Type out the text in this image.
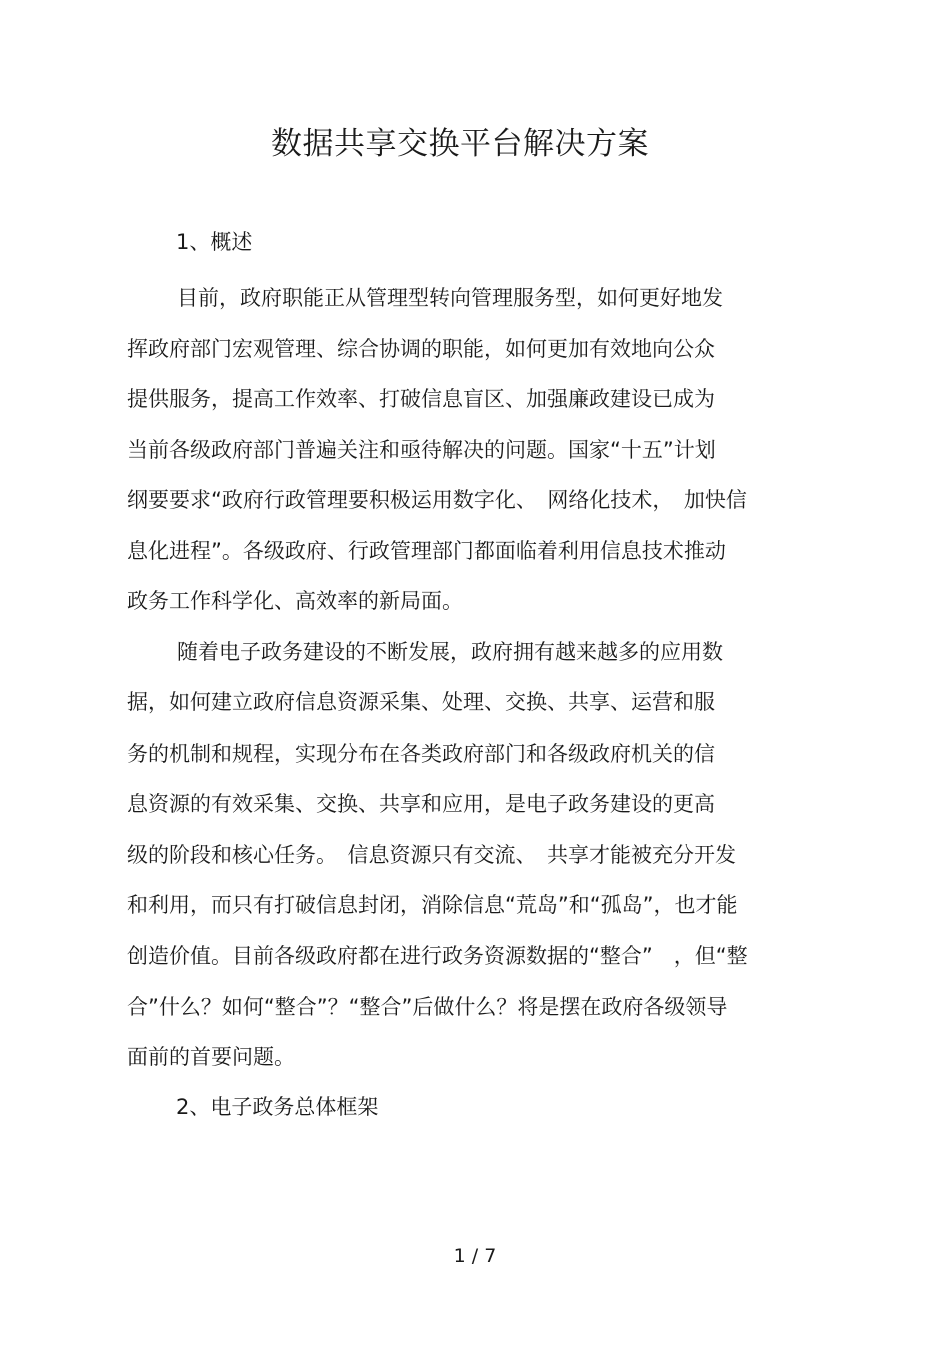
数据共享交换平台解决方案
1、概述
目前，政府职能正从管理型转向管理服务型，如何更好地发
挥政府部门宏观管理、综合协调的职能，如何更加有效地向公众
提供服务，提高工作效率、打破信息盲区、加强廉政建设已成为
当前各级政府部门普遍关注和亟待解决的问题。国家“十五”计划
纲要要求“政府行政管理要积极运用数字化、　网络化技术，　加快信
息化进程”。各级政府、行政管理部门都面临着利用信息技术推动
政务工作科学化、高效率的新局面。
随着电子政务建设的不断发展，政府拥有越来越多的应用数
据，如何建立政府信息资源采集、处理、交换、共享、运营和服
务的机制和规程，实现分布在各类政府部门和各级政府机关的信
息资源的有效采集、交换、共享和应用，是电子政务建设的更高
级的阶段和核心任务。　信息资源只有交流、　共享才能被充分开发
和利用，而只有打破信息封闭，消除信息“荒岛”和“孤岛”，也才能
创造价值。目前各级政府都在进行政务资源数据的“整合”　，但“整
合”什么？如何“整合”？“整合”后做什么？将是摆在政府各级领导
面前的首要问题。
2、电子政务总体框架
1 / 7
